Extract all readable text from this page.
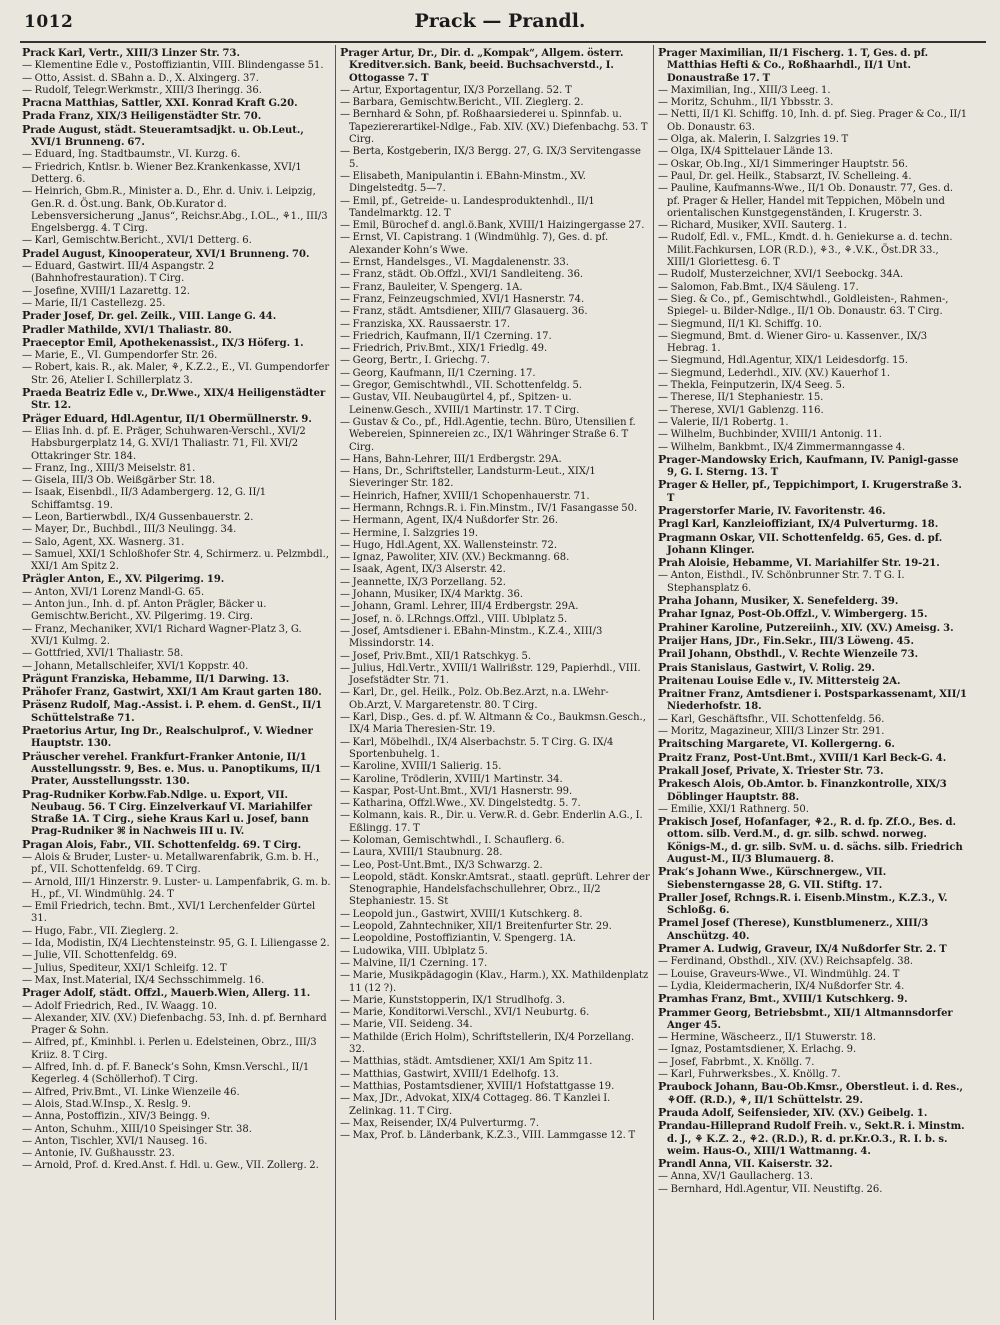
1012	Prack — Prandl.
Prack Karl, Vertr., XIII/3 Linzer Str. 73.
— Klementine Edle v., Postoffiziantin, VIII. Blindengasse 51.
— Otto, Assist. d. SBahn a. D., X. Alxingerg. 37.
— Rudolf, Telegr.Werkmstr., XIII/3 Iheringg. 36.
Pracna Matthias, Sattler, XXI. Konrad Kraft G.20.
Prada Franz, XIX/3 Heiligenstädter Str. 70.
Prade August, städt. Steueramtsadjkt. u. Ob.Leut., XVI/1 Brunneng. 67.
— Eduard, Ing. Stadtbaumstr., VI. Kurzg. 6.
— Friedrich, Kntlsr. b. Wiener Bez.Krankenkasse, XVI/1 Detterg. 6.
— Heinrich, Gbm.R., Minister a. D., Ehr. d. Univ. i. Leipzig, Gen.R. d. Öst.ung. Bank, Ob.Kurator d. Lebensversicherung „Janus“, Reichsr.Abg., I.OL., ⚘1., III/3 Engelsbergg. 4. T Cirg.
— Karl, Gemischtw.Bericht., XVI/1 Detterg. 6.
Pradel August, Kinooperateur, XVI/1 Brunneng. 70.
— Eduard, Gastwirt. III/4 Aspangstr. 2 (Bahnhofrestauration). T Cirg.
— Josefine, XVIII/1 Lazarettg. 12.
— Marie, II/1 Castellezg. 25.
Prader Josef, Dr. gel. Zeilk., VIII. Lange G. 44.
Pradler Mathilde, XVI/1 Thaliastr. 80.
Praeceptor Emil, Apothekenassist., IX/3 Höferg. 1.
— Marie, E., VI. Gumpendorfer Str. 26.
— Robert, kais. R., ak. Maler, ⚘, K.Z.2., E., VI. Gumpendorfer Str. 26, Atelier I. Schillerplatz 3.
Praeda Beatriz Edle v., Dr.Wwe., XIX/4 Heiligenstädter Str. 12.
Präger Eduard, Hdl.Agentur, II/1 Obermüllnerstr. 9.
— Elias Inh. d. pf. E. Präger, Schuhwaren-Verschl., XVI/2 Habsburgerplatz 14, G. XVI/1 Thaliastr. 71, Fil. XVI/2 Ottakringer Str. 184.
— Franz, Ing., XIII/3 Meiselstr. 81.
— Gisela, III/3 Ob. Weißgärber Str. 18.
— Isaak, Eisenbdl., II/3 Adambergerg. 12, G. II/1 Schiffamtsg. 19.
— Leon, Bartierwbdl., IX/4 Gussenbauerstr. 2.
— Mayer, Dr., Buchbdl., III/3 Neulingg. 34.
— Salo, Agent, XX. Wasnerg. 31.
— Samuel, XXI/1 Schloßhofer Str. 4, Schirmerz. u. Pelzmbdl., XXI/1 Am Spitz 2.
Prägler Anton, E., XV. Pilgerimg. 19.
— Anton, XVI/1 Lorenz Mandl-G. 65.
— Anton jun., Inh. d. pf. Anton Prägler, Bäcker u. Gemischtw.Bericht., XV. Pilgerimg. 19. Cirg.
— Franz, Mechaniker, XVI/1 Richard Wagner-Platz 3, G. XVI/1 Kulmg. 2.
— Gottfried, XVI/1 Thaliastr. 58.
— Johann, Metallschleifer, XVI/1 Koppstr. 40.
Prägunt Franziska, Hebamme, II/1 Darwing. 13.
Prähofer Franz, Gastwirt, XXI/1 Am Kraut garten 180.
Präsenz Rudolf, Mag.-Assist. i. P. ehem. d. GenSt., II/1 Schüttelstraße 71.
Praetorius Artur, Ing Dr., Realschulprof., V. Wiedner Hauptstr. 130.
Präuscher verehel. Frankfurt-Franker Antonie, II/1 Ausstellungsstr. 9, Bes. e. Mus. u. Panoptikums, II/1 Prater, Ausstellungsstr. 130.
Prag-Rudniker Korbw.Fab.Ndlge. u. Export, VII. Neubaug. 56. T Cirg. Einzelverkauf VI. Mariahilfer Straße 1A. T Cirg., siehe Kraus Karl u. Josef, bann Prag-Rudniker ⌘ in Nachweis III u. IV.
Pragan Alois, Fabr., VII. Schottenfeldg. 69. T Cirg.
— Alois & Bruder, Luster- u. Metallwarenfabrik, G.m. b. H., pf., VII. Schottenfeldg. 69. T Cirg.
— Arnold, III/1 Hinzerstr. 9. Luster- u. Lampenfabrik, G. m. b. H., pf., VI. Windmühlg. 24. T
— Emil Friedrich, techn. Bmt., XVI/1 Lerchenfelder Gürtel 31.
— Hugo, Fabr., VII. Zieglerg. 2.
— Ida, Modistin, IX/4 Liechtensteinstr. 95, G. I. Liliengasse 2.
— Julie, VII. Schottenfeldg. 69.
— Julius, Spediteur, XXI/1 Schleifg. 12. T
— Max, Inst.Material, IX/4 Sechsschimmelg. 16.
Prager Adolf, städt. Offzl., Mauerb.Wien, Allerg. 11.
— Adolf Friedrich, Red., IV. Waagg. 10.
— Alexander, XIV. (XV.) Diefenbachg. 53, Inh. d. pf. Bernhard Prager & Sohn.
— Alfred, pf., Kminhbl. i. Perlen u. Edelsteinen, Obrz., III/3 Kriiz. 8. T Cirg.
— Alfred, Inh. d. pf. F. Baneck’s Sohn, Kmsn.Verschl., II/1 Kegerleg. 4 (Schöllerhof). T Cirg.
— Alfred, Priv.Bmt., VI. Linke Wienzeile 46.
— Alois, Stad.W.Insp., X. Reslg. 9.
— Anna, Postoffizin., XIV/3 Beingg. 9.
— Anton, Schuhm., XIII/10 Speisinger Str. 38.
— Anton, Tischler, XVI/1 Nauseg. 16.
— Antonie, IV. Gußhausstr. 23.
— Arnold, Prof. d. Kred.Anst. f. Hdl. u. Gew., VII. Zollerg. 2.
Prager Artur, Dr., Dir. d. „Kompak“, Allgem. österr. Kreditver.sich. Bank, beeid. Buchsachverstd., I. Ottogasse 7. T
— Artur, Exportagentur, IX/3 Porzellang. 52. T
— Barbara, Gemischtw.Bericht., VII. Zieglerg. 2.
— Bernhard & Sohn, pf. Roßhaarsiederei u. Spinnfab. u. Tapeziererartikel-Ndlge., Fab. XIV. (XV.) Diefenbachg. 53. T Cirg.
— Berta, Kostgeberin, IX/3 Bergg. 27, G. IX/3 Servitengasse 5.
— Elisabeth, Manipulantin i. EBahn-Minstm., XV. Dingelstedtg. 5—7.
— Emil, pf., Getreide- u. Landesproduktenhdl., II/1 Tandelmarktg. 12. T
— Emil, Bürochef d. angl.ö.Bank, XVIII/1 Haizingergasse 27.
— Ernst, VI. Capistrang. 1 (Windmühlg. 7), Ges. d. pf. Alexander Kohn’s Wwe.
— Ernst, Handelsges., VI. Magdalenenstr. 33.
— Franz, städt. Ob.Offzl., XVI/1 Sandleiteng. 36.
— Franz, Bauleiter, V. Spengerg. 1A.
— Franz, Feinzeugschmied, XVI/1 Hasnerstr. 74.
— Franz, städt. Amtsdiener, XIII/7 Glasauerg. 36.
— Franziska, XX. Raussaerstr. 17.
— Friedrich, Kaufmann, II/1 Czerning. 17.
— Friedrich, Priv.Bmt., XIX/1 Friedlg. 49.
— Georg, Bertr., I. Griechg. 7.
— Georg, Kaufmann, II/1 Czerning. 17.
— Gregor, Gemischtwhdl., VII. Schottenfeldg. 5.
— Gustav, VII. Neubaugürtel 4, pf., Spitzen- u. Leinenw.Gesch., XVIII/1 Martinstr. 17. T Cirg.
— Gustav & Co., pf., Hdl.Agentie, techn. Büro, Utensilien f. Webereien, Spinnereien zc., IX/1 Währinger Straße 6. T Cirg.
— Hans, Bahn-Lehrer, III/1 Erdbergstr. 29A.
— Hans, Dr., Schriftsteller, Landsturm-Leut., XIX/1 Sieveringer Str. 182.
— Heinrich, Hafner, XVIII/1 Schopenhauerstr. 71.
— Hermann, Rchngs.R. i. Fin.Minstm., IV/1 Fasangasse 50.
— Hermann, Agent, IX/4 Nußdorfer Str. 26.
— Hermine, I. Salzgries 19.
— Hugo, Hdl.Agent, XX. Wallensteinstr. 72.
— Ignaz, Pawoliter, XIV. (XV.) Beckmanng. 68.
— Isaak, Agent, IX/3 Alserstr. 42.
— Jeannette, IX/3 Porzellang. 52.
— Johann, Musiker, IX/4 Marktg. 36.
— Johann, Graml. Lehrer, III/4 Erdbergstr. 29A.
— Josef, n. ö. LRchngs.Offzl., VIII. Ublplatz 5.
— Josef, Amtsdiener i. EBahn-Minstm., K.Z.4., XIII/3 Missindorstr. 14.
— Josef, Priv.Bmt., XII/1 Ratschkyg. 5.
— Julius, Hdl.Vertr., XVIII/1 Wallrißstr. 129, Papierhdl., VIII. Josefstädter Str. 71.
— Karl, Dr., gel. Heilk., Polz. Ob.Bez.Arzt, n.a. LWehr-Ob.Arzt, V. Margaretenstr. 80. T Cirg.
— Karl, Disp., Ges. d. pf. W. Altmann & Co., Baukmsn.Gesch., IX/4 Maria Theresien-Str. 19.
— Karl, Möbelhdl., IX/4 Alserbachstr. 5. T Cirg. G. IX/4 Sportenbuhelg. 1.
— Karoline, XVIII/1 Salierig. 15.
— Karoline, Trödlerin, XVIII/1 Martinstr. 34.
— Kaspar, Post-Unt.Bmt., XVI/1 Hasnerstr. 99.
— Katharina, Offzl.Wwe., XV. Dingelstedtg. 5. 7.
— Kolmann, kais. R., Dir. u. Verw.R. d. Gebr. Enderlin A.G., I. Eßlingg. 17. T
— Koloman, Gemischtwhdl., I. Schauflerg. 6.
— Laura, XVIII/1 Staubnurg. 28.
— Leo, Post-Unt.Bmt., IX/3 Schwarzg. 2.
— Leopold, städt. Konskr.Amtsrat., staatl. geprüft. Lehrer der Stenographie, Handelsfachschullehrer, Obrz., II/2 Stephaniestr. 15. St
— Leopold jun., Gastwirt, XVIII/1 Kutschkerg. 8.
— Leopold, Zahntechniker, XII/1 Breitenfurter Str. 29.
— Leopoldine, Postoffiziantin, V. Spengerg. 1A.
— Ludowika, VIII. Ublplatz 5.
— Malvine, II/1 Czerning. 17.
— Marie, Musikpädagogin (Klav., Harm.), XX. Mathildenplatz 11 (12 ?).
— Marie, Kunststopperin, IX/1 Strudlhofg. 3.
— Marie, Konditorwi.Verschl., XVI/1 Neuburtg. 6.
— Marie, VII. Seideng. 34.
— Mathilde (Erich Holm), Schriftstellerin, IX/4 Porzellang. 32.
— Matthias, städt. Amtsdiener, XXI/1 Am Spitz 11.
— Matthias, Gastwirt, XVIII/1 Edelhofg. 13.
— Matthias, Postamtsdiener, XVIII/1 Hofstattgasse 19.
— Max, JDr., Advokat, XIX/4 Cottageg. 86. T Kanzlei I. Zelinkag. 11. T Cirg.
— Max, Reisender, IX/4 Pulverturmg. 7.
— Max, Prof. b. Länderbank, K.Z.3., VIII. Lammgasse 12. T
Prager Maximilian, II/1 Fischerg. 1. T, Ges. d. pf. Matthias Hefti & Co., Roßhaarhdl., II/1 Unt. Donaustraße 17. T
— Maximilian, Ing., XIII/3 Leeg. 1.
— Moritz, Schuhm., II/1 Ybbsstr. 3.
— Netti, II/1 Kl. Schiffg. 10, Inh. d. pf. Sieg. Prager & Co., II/1 Ob. Donaustr. 63.
— Olga, ak. Malerin, I. Salzgries 19. T
— Olga, IX/4 Spittelauer Lände 13.
— Oskar, Ob.Ing., XI/1 Simmeringer Hauptstr. 56.
— Paul, Dr. gel. Heilk., Stabsarzt, IV. Schelleing. 4.
— Pauline, Kaufmanns-Wwe., II/1 Ob. Donaustr. 77, Ges. d. pf. Prager & Heller, Handel mit Teppichen, Möbeln und orientalischen Kunstgegenständen, I. Krugerstr. 3.
— Richard, Musiker, XVII. Sauterg. 1.
— Rudolf, Edl. v., FML., Kmdt. d. h. Geniekurse a. d. techn. Milit.Fachkursen, LOR (R.D.), ⚘3., ⚘.V.K., Öst.DR 33., XIII/1 Gloriettesg. 6. T
— Rudolf, Musterzeichner, XVI/1 Seebockg. 34A.
— Salomon, Fab.Bmt., IX/4 Säuleng. 17.
— Sieg. & Co., pf., Gemischtwhdl., Goldleisten-, Rahmen-, Spiegel- u. Bilder-Ndlge., II/1 Ob. Donaustr. 63. T Cirg.
— Siegmund, II/1 Kl. Schiffg. 10.
— Siegmund, Bmt. d. Wiener Giro- u. Kassenver., IX/3 Hebrag. 1.
— Siegmund, Hdl.Agentur, XIX/1 Leidesdorfg. 15.
— Siegmund, Lederhdl., XIV. (XV.) Kauerhof 1.
— Thekla, Feinputzerin, IX/4 Seeg. 5.
— Therese, II/1 Stephaniestr. 15.
— Therese, XVI/1 Gablenzg. 116.
— Valerie, II/1 Robertg. 1.
— Wilhelm, Buchbinder, XVIII/1 Antonig. 11.
— Wilhelm, Bankbmt., IX/4 Zimmermanngasse 4.
Prager-Mandowsky Erich, Kaufmann, IV. Panigl-gasse 9, G. I. Sterng. 13. T
Prager & Heller, pf., Teppichimport, I. Krugerstraße 3. T
Pragerstorfer Marie, IV. Favoritenstr. 46.
Pragl Karl, Kanzleioffiziant, IX/4 Pulverturmg. 18.
Pragmann Oskar, VII. Schottenfeldg. 65, Ges. d. pf. Johann Klinger.
Prah Aloisie, Hebamme, VI. Mariahilfer Str. 19-21.
— Anton, Eisthdl., IV. Schönbrunner Str. 7. T G. I. Stephansplatz 6.
Praha Johann, Musiker, X. Senefelderg. 39.
Prahar Ignaz, Post-Ob.Offzl., V. Wimbergerg. 15.
Prahiner Karoline, Putzereiinh., XIV. (XV.) Ameisg. 3.
Praijer Hans, JDr., Fin.Sekr., III/3 Löweng. 45.
Prail Johann, Obsthdl., V. Rechte Wienzeile 73.
Prais Stanislaus, Gastwirt, V. Rolig. 29.
Praitenau Louise Edle v., IV. Mittersteig 2A.
Praitner Franz, Amtsdiener i. Postsparkassenamt, XII/1 Niederhofstr. 18.
— Karl, Geschäftsfhr., VII. Schottenfeldg. 56.
— Moritz, Magazineur, XIII/3 Linzer Str. 291.
Praitsching Margarete, VI. Kollergerng. 6.
Praitz Franz, Post-Unt.Bmt., XVIII/1 Karl Beck-G. 4.
Prakall Josef, Private, X. Triester Str. 73.
Prakesch Alois, Ob.Amtor. b. Finanzkontrolle, XIX/3 Döblinger Hauptstr. 88.
— Emilie, XXI/1 Rathnerg. 50.
Prakisch Josef, Hofanfager, ⚘2., R. d. fp. Zf.O., Bes. d. ottom. silb. Verd.M., d. gr. silb. schwd. norweg. Königs-M., d. gr. silb. SvM. u. d. sächs. silb. Friedrich August-M., II/3 Blumauerg. 8.
Prak’s Johann Wwe., Kürschnergew., VII. Siebensterngasse 28, G. VII. Stiftg. 17.
Praller Josef, Rchngs.R. i. Eisenb.Minstm., K.Z.3., V. Schloßg. 6.
Pramel Josef (Therese), Kunstblumenerz., XIII/3 Anschützg. 40.
Pramer A. Ludwig, Graveur, IX/4 Nußdorfer Str. 2. T
— Ferdinand, Obsthdl., XIV. (XV.) Reichsapfelg. 38.
— Louise, Graveurs-Wwe., VI. Windmühlg. 24. T
— Lydia, Kleidermacherin, IX/4 Nußdorfer Str. 4.
Pramhas Franz, Bmt., XVIII/1 Kutschkerg. 9.
Prammer Georg, Betriebsbmt., XII/1 Altmannsdorfer Anger 45.
— Hermine, Wäscheerz., II/1 Stuwerstr. 18.
— Ignaz, Postamtsdiener, X. Erlachg. 9.
— Josef, Fabrbmt., X. Knöllg. 7.
— Karl, Fuhrwerksbes., X. Knöllg. 7.
Praubock Johann, Bau-Ob.Kmsr., Oberstleut. i. d. Res., ⚘Off. (R.D.), ⚘, II/1 Schüttelstr. 29.
Prauda Adolf, Seifensieder, XIV. (XV.) Geibelg. 1.
Prandau-Hilleprand Rudolf Freih. v., Sekt.R. i. Minstm. d. J., ⚘ K.Z. 2., ⚘2. (R.D.), R. d. pr.Kr.O.3., R. I. b. s. weim. Haus-O., XIII/1 Wattmanng. 4.
Prandl Anna, VII. Kaiserstr. 32.
— Anna, XV/1 Gaullacherg. 13.
— Bernhard, Hdl.Agentur, VII. Neustiftg. 26.
